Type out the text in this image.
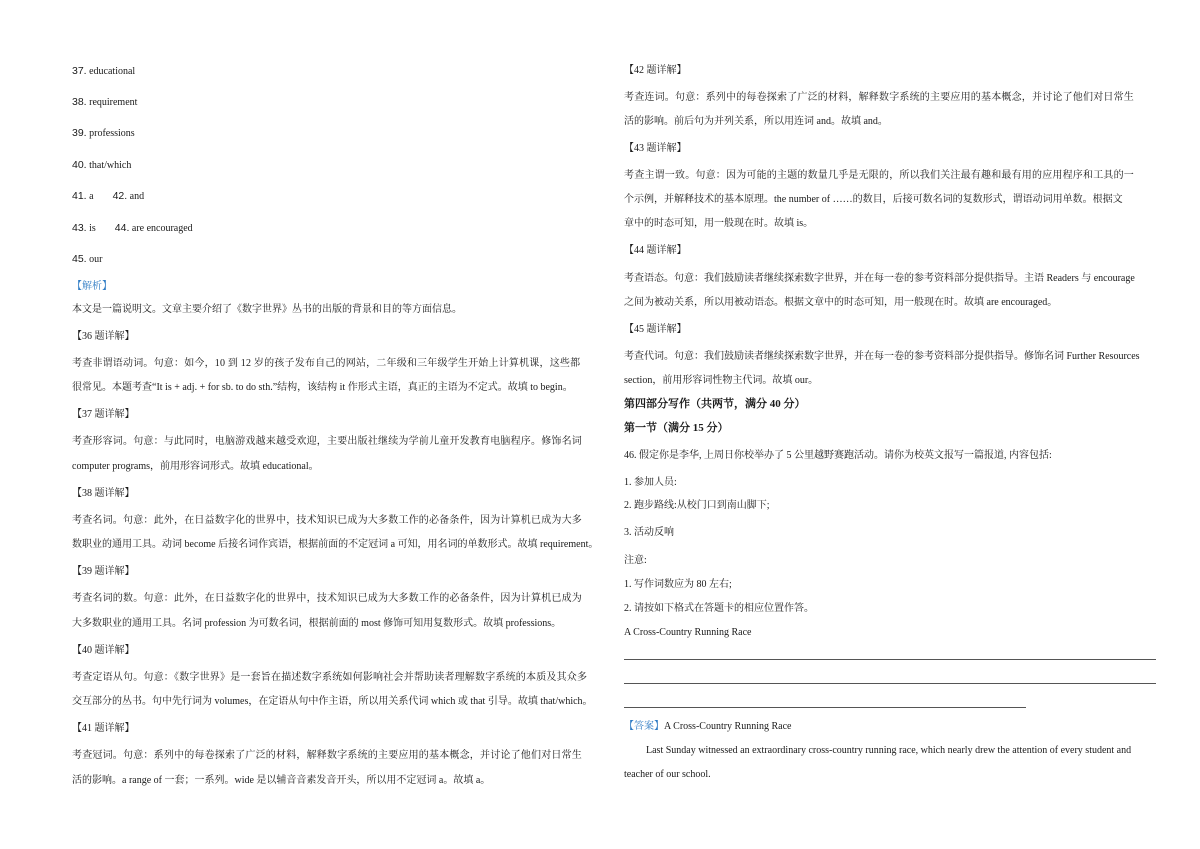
37. educational
38. requirement
39. professions
40. that/which
41. a 42. and
43. is 44. are encouraged
45. our
【解析】
本文是一篇说明文。文章主要介绍了《数字世界》丛书的出版的背景和目的等方面信息。
【36 题详解】
考查非谓语动词。句意：如今，10 到 12 岁的孩子发布自己的网站，二年级和三年级学生开始上计算机课，这些都
很常见。本题考查“It is + adj. + for sb. to do sth.”结构，该结构 it 作形式主语，真正的主语为不定式。故填 to begin。
【37 题详解】
考查形容词。句意：与此同时，电脑游戏越来越受欢迎，主要出版社继续为学前儿童开发教育电脑程序。修饰名词
computer programs，前用形容词形式。故填 educational。
【38 题详解】
考查名词。句意：此外，在日益数字化的世界中，技术知识已成为大多数工作的必备条件，因为计算机已成为大多
数职业的通用工具。动词 become 后接名词作宾语，根据前面的不定冠词 a 可知，用名词的单数形式。故填 requirement。
【39 题详解】
考查名词的数。句意：此外，在日益数字化的世界中，技术知识已成为大多数工作的必备条件，因为计算机已成为
大多数职业的通用工具。名词 profession 为可数名词，根据前面的 most 修饰可知用复数形式。故填 professions。
【40 题详解】
考查定语从句。句意：《数字世界》是一套旨在描述数字系统如何影响社会并帮助读者理解数字系统的本质及其众多
交互部分的丛书。句中先行词为 volumes，在定语从句中作主语，所以用关系代词 which 或 that 引导。故填 that/which。
【41 题详解】
考查冠词。句意：系列中的每卷探索了广泛的材料，解释数字系统的主要应用的基本概念，并讨论了他们对日常生
活的影响。a range of 一套；一系列。wide 是以辅音音素发音开头，所以用不定冠词 a。故填 a。
【42 题详解】
考查连词。句意：系列中的每卷探索了广泛的材料，解释数字系统的主要应用的基本概念，并讨论了他们对日常生
活的影响。前后句为并列关系，所以用连词 and。故填 and。
【43 题详解】
考查主谓一致。句意：因为可能的主题的数量几乎是无限的，所以我们关注最有趣和最有用的应用程序和工具的一
个示例，并解释技术的基本原理。the number of ……的数目，后接可数名词的复数形式，谓语动词用单数。根据文
章中的时态可知，用一般现在时。故填 is。
【44 题详解】
考查语态。句意：我们鼓励读者继续探索数字世界，并在每一卷的参考资料部分提供指导。主语 Readers 与 encourage
之间为被动关系，所以用被动语态。根据文章中的时态可知，用一般现在时。故填 are encouraged。
【45 题详解】
考查代词。句意：我们鼓励读者继续探索数字世界，并在每一卷的参考资料部分提供指导。修饰名词 Further Resources
section，前用形容词性物主代词。故填 our。
第四部分写作（共两节，满分 40 分）
第一节（满分 15 分）
46. 假定你是李华, 上周日你校举办了 5 公里越野赛跑活动。请你为校英文报写一篇报道, 内容包括:
1. 参加人员:
2. 跑步路线:从校门口到南山脚下;
3. 活动反响
注意:
1. 写作词数应为 80 左右;
2. 请按如下格式在答题卡的相应位置作答。
A Cross-Country Running Race
【答案】A Cross-Country Running Race
Last Sunday witnessed an extraordinary cross-country running race, which nearly drew the attention of every student and
teacher of our school.
